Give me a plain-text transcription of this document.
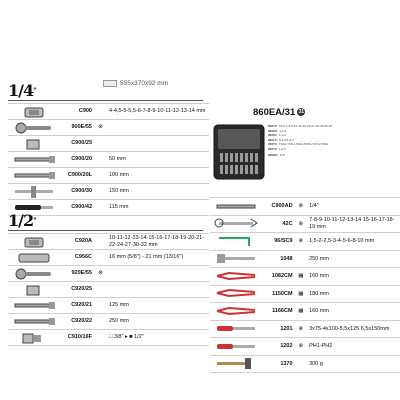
1/4"
555x370x92 mm
	C900		4-4,5-5-5,5-6-7-8-9-10-11-12-13-14 mm

	900E/55	⊗	

	C900/25		

	C900/20		50 mm

	C900/20L		100 mm

	C900/30		150 mm

	C900/42		115 mm
1/2"
	C920A		10-11-12-13-14-15-16-17-18-19-20-21-22-24-27-30-32 mm

	C956C		16 mm (5/8") - 21 mm (13/16")

	920E/55	⊗	

	C920/25		

	C920/21		125 mm

	C920/22		250 mm

	C910/16F		□ 3/8" ▸ ■ 1/2"
860EA/31 31
860TX T5-6-7-8-9-10-15-20-25-27-30-40-45-50
860PH 1-2-3
860PZ 1-2-3
860LP 3-4-5,5-6-7
860TX T10H-T15H-T20H-T25H-T27H-T30H
860TX 1-2-3
860BIT 1/4"
	C900AD	⊗	1/4"

	42C	⊗	7-8-9-10-11-12-13-14 15-16-17-18-19 mm

	96/SC9	⊗	1,5-2-2,5-3-4-5-6-8-10 mm

	1048		250 mm

	1082CM	▦	160 mm

	1150CM	▦	180 mm

	1166CM	▦	160 mm

	1201	⊗	3x75-4x100-5,5x125 6,5x150mm

	1202	⊗	PH1-PH2

	1370		300 g
